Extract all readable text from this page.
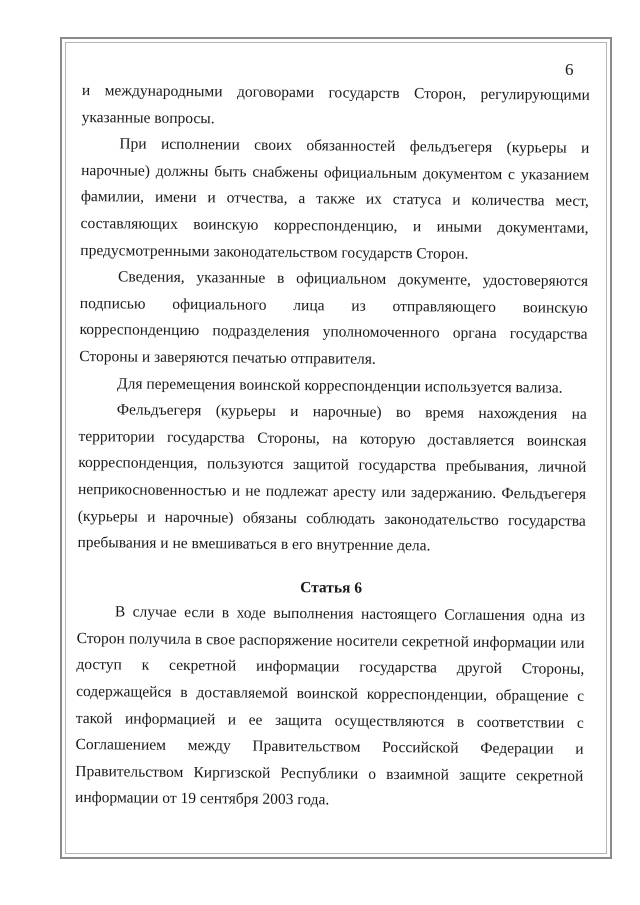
6

и международными договорами государств Сторон, регулирующими указанные вопросы.

При исполнении своих обязанностей фельдъегеря (курьеры и нарочные) должны быть снабжены официальным документом с указанием фамилии, имени и отчества, а также их статуса и количества мест, составляющих воинскую корреспонденцию, и иными документами, предусмотренными законодательством государств Сторон.

Сведения, указанные в официальном документе, удостоверяются подписью официального лица из отправляющего воинскую корреспонденцию подразделения уполномоченного органа государства Стороны и заверяются печатью отправителя.

Для перемещения воинской корреспонденции используется вализа.

Фельдъегеря (курьеры и нарочные) во время нахождения на территории государства Стороны, на которую доставляется воинская корреспонденция, пользуются защитой государства пребывания, личной неприкосновенностью и не подлежат аресту или задержанию. Фельдъегеря (курьеры и нарочные) обязаны соблюдать законодательство государства пребывания и не вмешиваться в его внутренние дела.

Статья 6

В случае если в ходе выполнения настоящего Соглашения одна из Сторон получила в свое распоряжение носители секретной информации или доступ к секретной информации государства другой Стороны, содержащейся в доставляемой воинской корреспонденции, обращение с такой информацией и ее защита осуществляются в соответствии с Соглашением между Правительством Российской Федерации и Правительством Киргизской Республики о взаимной защите секретной информации от 19 сентября 2003 года.
